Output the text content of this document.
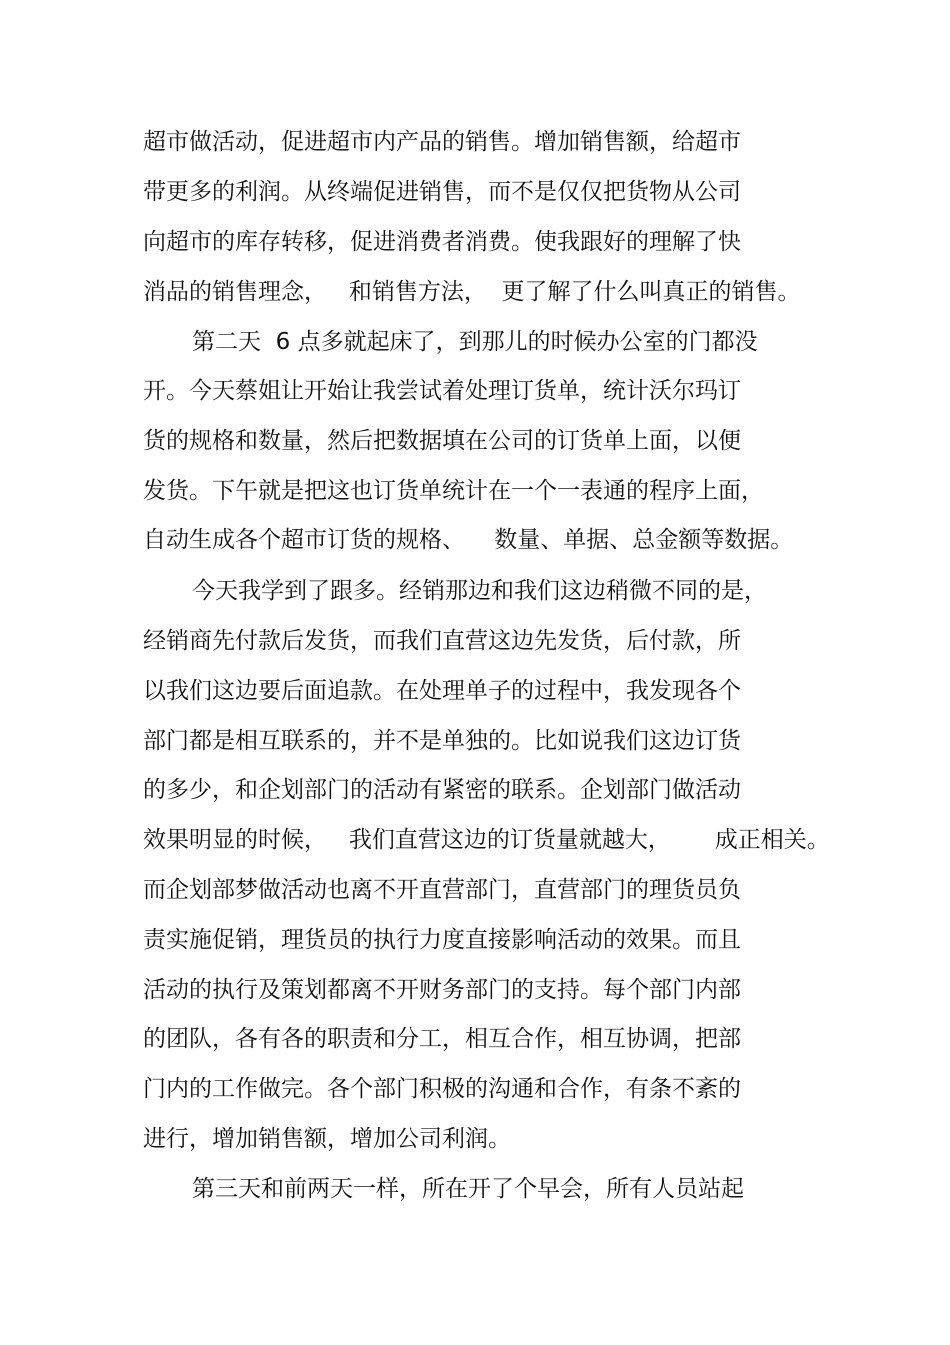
超市做活动，促进超市内产品的销售。增加销售额，给超市
带更多的利润。从终端促进销售，而不是仅仅把货物从公司
向超市的库存转移，促进消费者消费。使我跟好的理解了快
消品的销售理念，   和销售方法，  更了解了什么叫真正的销售。
第二天  6 点多就起床了，到那儿的时候办公室的门都没
开。今天蔡姐让开始让我尝试着处理订货单，统计沃尔玛订
货的规格和数量，然后把数据填在公司的订货单上面，以便
发货。下午就是把这也订货单统计在一个一表通的程序上面，
自动生成各个超市订货的规格、    数量、单据、总金额等数据。
今天我学到了跟多。经销那边和我们这边稍微不同的是，
经销商先付款后发货，而我们直营这边先发货，后付款，所
以我们这边要后面追款。在处理单子的过程中，我发现各个
部门都是相互联系的，并不是单独的。比如说我们这边订货
的多少，和企划部门的活动有紧密的联系。企划部门做活动
效果明显的时候，   我们直营这边的订货量就越大，      成正相关。
而企划部梦做活动也离不开直营部门，直营部门的理货员负
责实施促销，理货员的执行力度直接影响活动的效果。而且
活动的执行及策划都离不开财务部门的支持。每个部门内部
的团队，各有各的职责和分工，相互合作，相互协调，把部
门内的工作做完。各个部门积极的沟通和合作，有条不紊的
进行，增加销售额，增加公司利润。
第三天和前两天一样，所在开了个早会，所有人员站起
